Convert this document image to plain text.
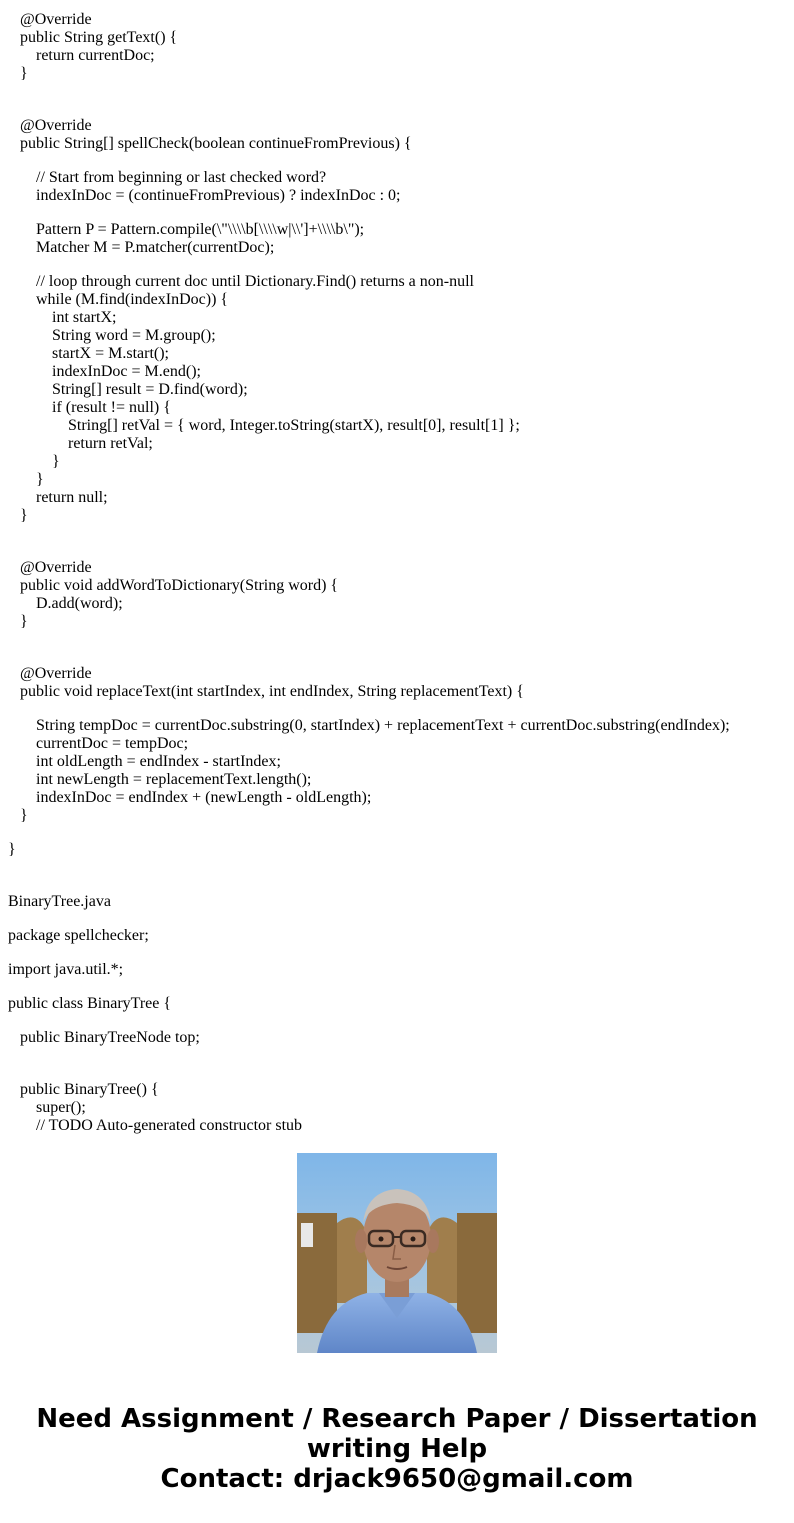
@Override
public String getText() {
return currentDoc;
}
@Override
public String[] spellCheck(boolean continueFromPrevious) {
// Start from beginning or last checked word?
indexInDoc = (continueFromPrevious) ? indexInDoc : 0;
Pattern P = Pattern.compile(\"\\\\b[\\\\w|\\']+\\\\b\");
Matcher M = P.matcher(currentDoc);
// loop through current doc until Dictionary.Find() returns a non-null
while (M.find(indexInDoc)) {
int startX;
String word = M.group();
startX = M.start();
indexInDoc = M.end();
String[] result = D.find(word);
if (result != null) {
String[] retVal = { word, Integer.toString(startX), result[0], result[1] };
return retVal;
}
}
return null;
}
@Override
public void addWordToDictionary(String word) {
D.add(word);
}
@Override
public void replaceText(int startIndex, int endIndex, String replacementText) {
String tempDoc = currentDoc.substring(0, startIndex) + replacementText + currentDoc.substring(endIndex);
currentDoc = tempDoc;
int oldLength = endIndex - startIndex;
int newLength = replacementText.length();
indexInDoc = endIndex + (newLength - oldLength);
}
}
BinaryTree.java
package spellchecker;
import java.util.*;
public class BinaryTree {
public BinaryTreeNode top;
public BinaryTree() {
super();
// TODO Auto-generated constructor stub
Need Assignment / Research Paper / Dissertation
writing Help
Contact: drjack9650@gmail.com
